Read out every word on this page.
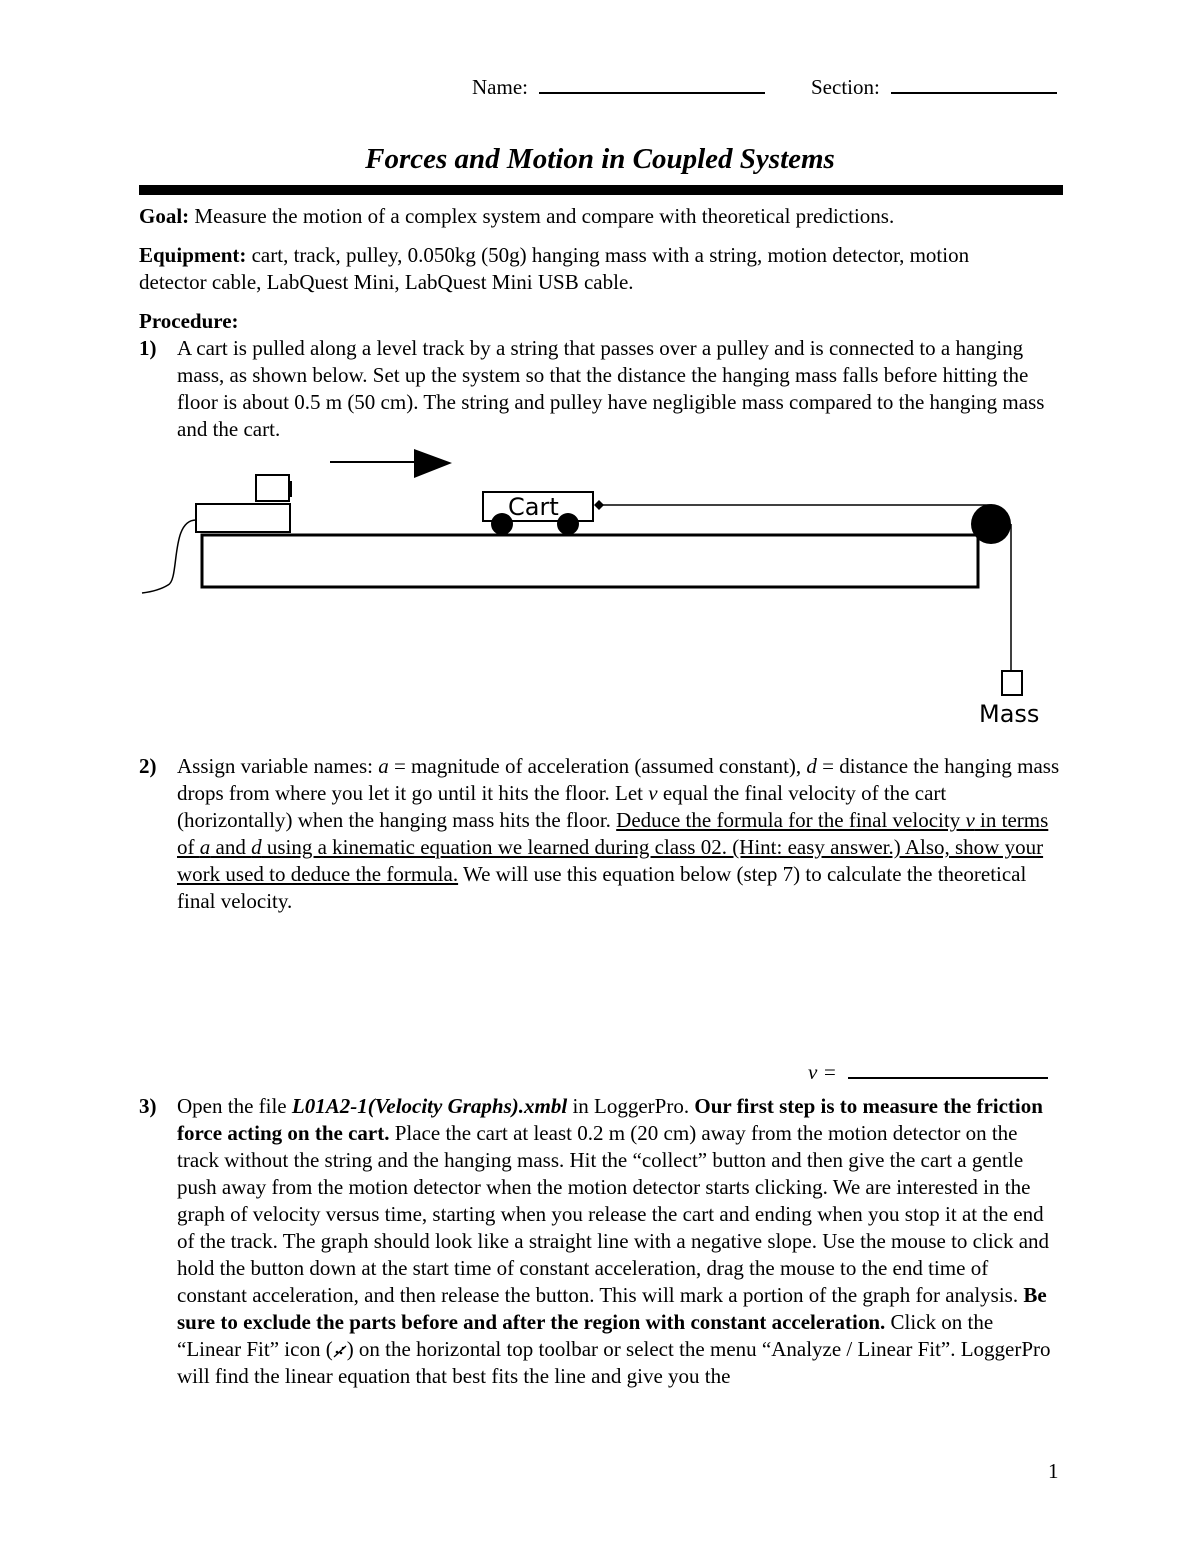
Name:	Section:
Forces and Motion in Coupled Systems
Goal: Measure the motion of a complex system and compare with theoretical predictions.
Equipment: cart, track, pulley, 0.050kg (50g) hanging mass with a string, motion detector, motion detector cable, LabQuest Mini, LabQuest Mini USB cable.
Procedure:
1) A cart is pulled along a level track by a string that passes over a pulley and is connected to a hanging mass, as shown below. Set up the system so that the distance the hanging mass falls before hitting the floor is about 0.5 m (50 cm). The string and pulley have negligible mass compared to the hanging mass and the cart.
Cart
Mass
2) Assign variable names: a = magnitude of acceleration (assumed constant), d = distance the hanging mass drops from where you let it go until it hits the floor. Let v equal the final velocity of the cart (horizontally) when the hanging mass hits the floor. Deduce the formula for the final velocity v in terms of a and d using a kinematic equation we learned during class 02. (Hint: easy answer.) Also, show your work used to deduce the formula. We will use this equation below (step 7) to calculate the theoretical final velocity.
v =
3) Open the file L01A2-1(Velocity Graphs).xmbl in LoggerPro. Our first step is to measure the friction force acting on the cart. Place the cart at least 0.2 m (20 cm) away from the motion detector on the track without the string and the hanging mass. Hit the “collect” button and then give the cart a gentle push away from the motion detector when the motion detector starts clicking. We are interested in the graph of velocity versus time, starting when you release the cart and ending when you stop it at the end of the track. The graph should look like a straight line with a negative slope. Use the mouse to click and hold the button down at the start time of constant acceleration, drag the mouse to the end time of constant acceleration, and then release the button. This will mark a portion of the graph for analysis. Be sure to exclude the parts before and after the region with constant acceleration. Click on the “Linear Fit” icon ( ) on the horizontal top toolbar or select the menu “Analyze / Linear Fit”. LoggerPro will find the linear equation that best fits the line and give you the
1
